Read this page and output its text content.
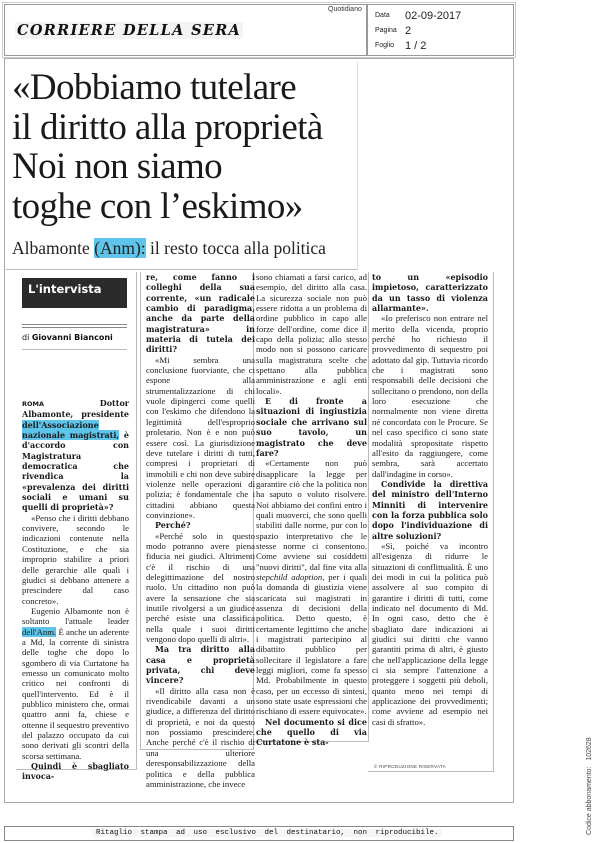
CORRIERE DELLA SERA
Quotidiano
Data 02-09-2017
Pagina 2
Foglio 1 / 2
«Dobbiamo tutelare
il diritto alla proprietà
Noi non siamo
toghe con l’eskimo»
Albamonte (Anm): il resto tocca alla politica
L'intervista
di Giovanni Bianconi

ROMA Dottor Albamonte, presidente dell'Associazione nazionale magistrati, è d'accordo con Magistratura democratica che rivendica la «prevalenza dei diritti sociali e umani su quelli di proprietà»?

«Penso che i diritti debbano convivere, secondo le indicazioni contenute nella Costituzione, e che sia improprio stabilire a priori delle gerarchie alle quali i giudici si debbano attenere a prescindere dal caso concreto».

Eugenio Albamonte non è soltanto l'attuale leader dell'Anm. È anche un aderente a Md, la corrente di sinistra delle toghe che dopo lo sgombero di via Curtatone ha emesso un comunicato molto critico nei confronti di quell'intervento. Ed è il pubblico ministero che, ormai quattro anni fa, chiese e ottenne il sequestro preventivo del palazzo occupato da cui sono derivati gli scontri della scorsa settimana.

Quindi è sbagliato invoca-

re, come fanno i colleghi della sua corrente, «un radicale cambio di paradigma, anche da parte della magistratura» in materia di tutela dei diritti?

«Mi sembra una conclusione fuorviante, che ci espone alla strumentalizzazione di chi vuole dipingerci come quelli con l'eskimo che difendono la legittimità dell'esproprio proletario. Non è e non può essere così. La giurisdizione deve tutelare i diritti di tutti, compresi i proprietari di immobili e chi non deve subire violenze nelle operazioni di polizia; è fondamentale che i cittadini abbiano questa convinzione».

Perché?

«Perché solo in questo modo potranno avere piena fiducia nei giudici. Altrimenti c'è il rischio di una delegittimazione del nostro ruolo. Un cittadino non può avere la sensazione che sia inutile rivolgersi a un giudice perché esiste una classifica nella quale i suoi diritti vengono dopo quelli di altri».

Ma tra diritto alla casa e proprietà privata, chi deve vincere?

«Il diritto alla casa non è rivendicabile davanti a un giudice, a differenza del diritto di proprietà, e noi da questo non possiamo prescindere. Anche perché c'è il rischio di una ulteriore deresponsabilizzazione della politica e della pubblica amministrazione, che invece

sono chiamati a farsi carico, ad esempio, del diritto alla casa. La sicurezza sociale non può essere ridotta a un problema di ordine pubblico in capo alle forze dell'ordine, come dice il capo della polizia; allo stesso modo non si possono caricare sulla magistratura scelte che spettano alla pubblica amministrazione e agli enti locali».

E di fronte a situazioni di ingiustizia sociale che arrivano sul suo tavolo, un magistrato che deve fare?

«Certamente non può disapplicare la legge per garantire ciò che la politica non ha saputo o voluto risolvere. Noi abbiamo dei confini entro i quali muoverci, che sono quelli stabiliti dalle norme, pur con lo spazio interpretativo che le stesse norme ci consentono. Come avviene sui cosiddetti "nuovi diritti", dal fine vita alla stepchild adoption, per i quali la domanda di giustizia viene scaricata sui magistrati in assenza di decisioni della politica. Detto questo, è certamente legittimo che anche i magistrati partecipino al dibattito pubblico per sollecitare il legislatore a fare leggi migliori, come fa spesso Md. Probabilmente in questo caso, per un eccesso di sintesi, sono state usate espressioni che rischiano di essere equivocate».

Nel documento si dice che quello di via Curtatone è sta-

to un «episodio impietoso, caratterizzato da un tasso di violenza allarmante».

«Io preferisco non entrare nel merito della vicenda, proprio perché ho richiesto il provvedimento di sequestro poi adottato dal gip. Tuttavia ricordo che i magistrati sono responsabili delle decisioni che sollecitano o prendono, non della loro esecuzione che normalmente non viene diretta né concordata con le Procure. Se nel caso specifico ci sono state modalità spropositate rispetto all'esito da raggiungere, come sembra, sarà accertato dall'indagine in corso».

Condivide la direttiva del ministro dell'Interno Minniti di intervenire con la forza pubblica solo dopo l'individuazione di altre soluzioni?

«Sì, poiché va incontro all'esigenza di ridurre le situazioni di conflittualità. È uno dei modi in cui la politica può assolvere al suo compito di garantire i diritti di tutti, come indicato nel documento di Md. In ogni caso, detto che è sbagliato dare indicazioni ai giudici sui diritti che vanno garantiti prima di altri, è giusto che nell'applicazione della legge ci sia sempre l'attenzione a proteggere i soggetti più deboli, quanto meno nei tempi di applicazione dei provvedimenti; come avviene ad esempio nei casi di sfratto».

© RIPRODUZIONE RISERVATA	Codice abbonamento:   102628
Ritaglio stampa ad uso esclusivo del destinatario, non riproducibile.
